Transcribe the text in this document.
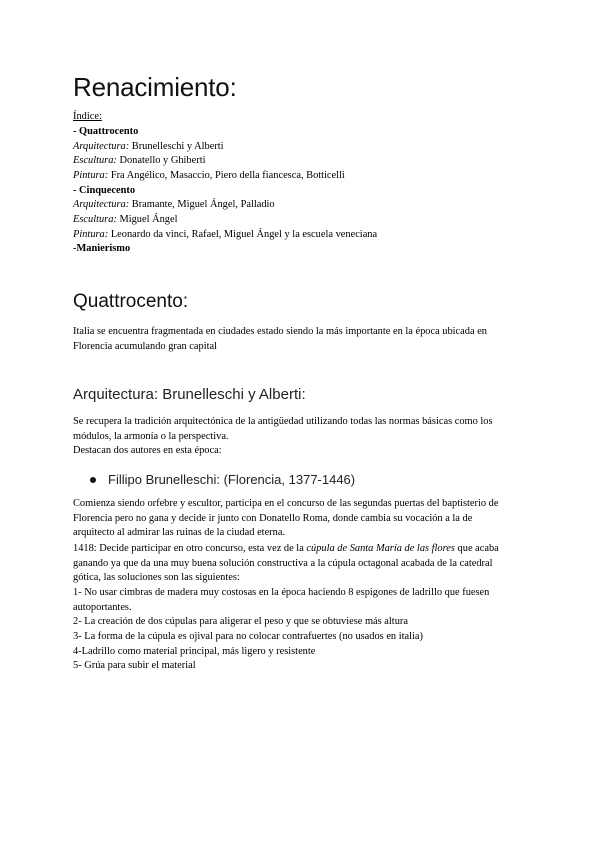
Renacimiento:
Índice:
- Quattrocento
Arquitectura: Brunelleschi y Alberti
Escultura: Donatello y Ghiberti
Pintura: Fra Angélico, Masaccio, Piero della fiancesca, Botticelli
- Cinquecento
Arquitectura: Bramante, Miguel Ángel, Palladio
Escultura: Miguel Ángel
Pintura: Leonardo da vinci, Rafael, Miguel Ángel y la escuela veneciana
-Manierismo
Quattrocento:
Italia se encuentra fragmentada en ciudades estado siendo la más importante en la época ubicada en
Florencia acumulando gran capital
Arquitectura: Brunelleschi y Alberti:
Se recupera la tradición arquitectónica de la antigüedad utilizando todas las normas básicas como los
módulos, la armonía o la perspectiva.
Destacan dos autores en esta época:
Fillipo Brunelleschi: (Florencia, 1377-1446)
Comienza siendo orfebre y escultor, participa en el concurso de las segundas puertas del baptisterio de
Florencia pero no gana y decide ir junto con Donatello Roma, donde cambia su vocación a la de
arquitecto al admirar las ruinas de la ciudad eterna.
1418: Decide participar en otro concurso, esta vez de la cúpula de Santa María de las flores que acaba
ganando ya que da una muy buena solución constructiva a la cúpula octagonal acabada de la catedral
gótica, las soluciones son las siguientes:
1- No usar cimbras de madera muy costosas en la época haciendo 8 espigones de ladrillo que fuesen
autoportantes.
2- La creación de dos cúpulas para aligerar el peso y que se obtuviese más altura
3- La forma de la cúpula es ojival para no colocar contrafuertes (no usados en italia)
4-Ladrillo como material principal, más ligero y resistente
5- Grúa para subir el material
